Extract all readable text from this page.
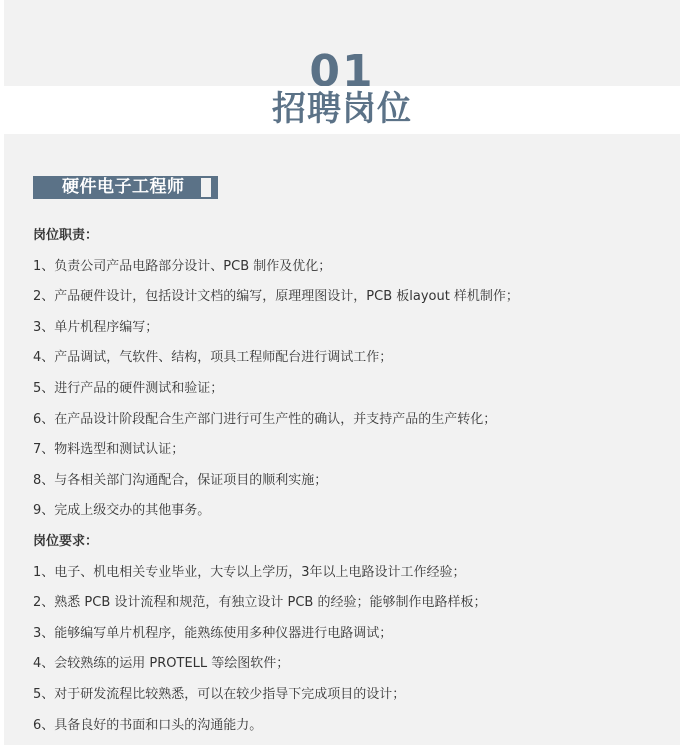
01
招聘岗位
硬件电子工程师
岗位职责：
1、负责公司产品电路部分设计、PCB 制作及优化；
2、产品硬件设计，包括设计文档的编写，原理理图设计，PCB 板layout 样机制作；
3、单片机程序编写；
4、产品调试，气软件、结构，项具工程师配台进行调试工作；
5、进行产品的硬件测试和验证；
6、在产品设计阶段配合生产部门进行可生产性的确认，并支持产品的生产转化；
7、物料选型和测试认证；
8、与各相关部门沟通配合，保证项目的顺利实施；
9、完成上级交办的其他事务。
岗位要求：
1、电子、机电相关专业毕业，大专以上学历，3年以上电路设计工作经验；
2、熟悉 PCB 设计流程和规范，有独立设计 PCB 的经验；能够制作电路样板；
3、能够编写单片机程序，能熟练使用多种仪器进行电路调试；
4、会较熟练的运用 PROTELL 等绘图软件；
5、对于研发流程比较熟悉，可以在较少指导下完成项目的设计；
6、具备良好的书面和口头的沟通能力。
